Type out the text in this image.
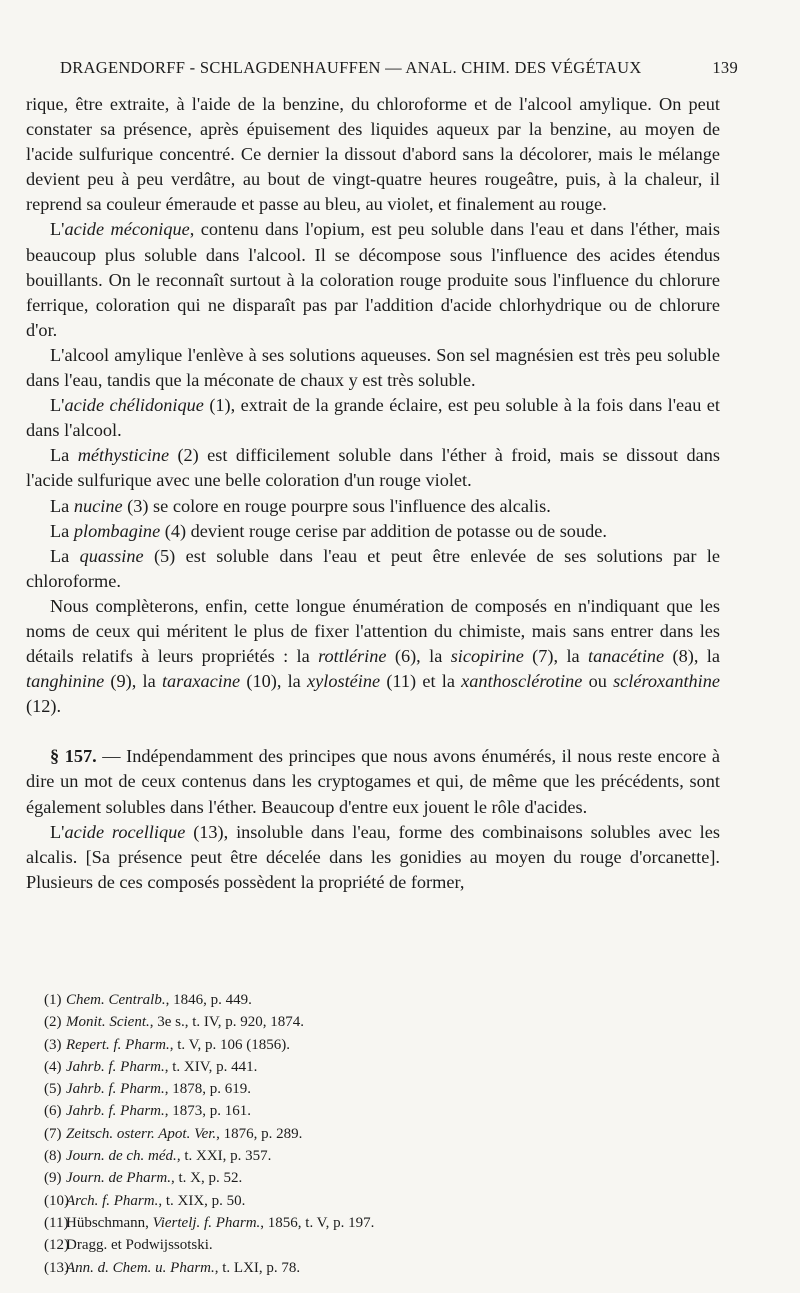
DRAGENDORFF - SCHLAGDENHAUFFEN — ANAL. CHIM. DES VÉGÉTAUX	139

rique, être extraite, à l'aide de la benzine, du chloroforme et de l'alcool amylique. On peut constater sa présence, après épuisement des liquides aqueux par la benzine, au moyen de l'acide sulfurique concentré. Ce dernier la dissout d'abord sans la décolorer, mais le mélange devient peu à peu verdâtre, au bout de vingt-quatre heures rougeâtre, puis, à la chaleur, il reprend sa couleur émeraude et passe au bleu, au violet, et finalement au rouge.

L'acide méconique, contenu dans l'opium, est peu soluble dans l'eau et dans l'éther, mais beaucoup plus soluble dans l'alcool. Il se décompose sous l'influence des acides étendus bouillants. On le reconnaît surtout à la coloration rouge produite sous l'influence du chlorure ferrique, coloration qui ne disparaît pas par l'addition d'acide chlorhydrique ou de chlorure d'or.

L'alcool amylique l'enlève à ses solutions aqueuses. Son sel magnésien est très peu soluble dans l'eau, tandis que la méconate de chaux y est très soluble.

L'acide chélidonique (1), extrait de la grande éclaire, est peu soluble à la fois dans l'eau et dans l'alcool.

La méthysticine (2) est difficilement soluble dans l'éther à froid, mais se dissout dans l'acide sulfurique avec une belle coloration d'un rouge violet.

La nucine (3) se colore en rouge pourpre sous l'influence des alcalis.

La plombagine (4) devient rouge cerise par addition de potasse ou de soude.

La quassine (5) est soluble dans l'eau et peut être enlevée de ses solutions par le chloroforme.

Nous complèterons, enfin, cette longue énumération de composés en n'indiquant que les noms de ceux qui méritent le plus de fixer l'attention du chimiste, mais sans entrer dans les détails relatifs à leurs propriétés : la rottlérine (6), la sicopirine (7), la tanacétine (8), la tanghinine (9), la taraxacine (10), la xylostéine (11) et la xanthosclérotine ou scléroxanthine (12).

§ 157. — Indépendamment des principes que nous avons énumérés, il nous reste encore à dire un mot de ceux contenus dans les cryptogames et qui, de même que les précédents, sont également solubles dans l'éther. Beaucoup d'entre eux jouent le rôle d'acides.

L'acide rocellique (13), insoluble dans l'eau, forme des combinaisons solubles avec les alcalis. [Sa présence peut être décelée dans les gonidies au moyen du rouge d'orcanette]. Plusieurs de ces composés possèdent la propriété de former,

(1) Chem. Centralb., 1846, p. 449.
(2) Monit. Scient., 3e s., t. IV, p. 920, 1874.
(3) Repert. f. Pharm., t. V, p. 106 (1856).
(4) Jahrb. f. Pharm., t. XIV, p. 441.
(5) Jahrb. f. Pharm., 1878, p. 619.
(6) Jahrb. f. Pharm., 1873, p. 161.
(7) Zeitsch. osterr. Apot. Ver., 1876, p. 289.
(8) Journ. de ch. méd., t. XXI, p. 357.
(9) Journ. de Pharm., t. X, p. 52.
(10)Arch. f. Pharm., t. XIX, p. 50.
(11)Hübschmann, Viertelj. f. Pharm., 1856, t. V, p. 197.
(12)Dragg. et Podwijssotski.
(13)Ann. d. Chem. u. Pharm., t. LXI, p. 78.
